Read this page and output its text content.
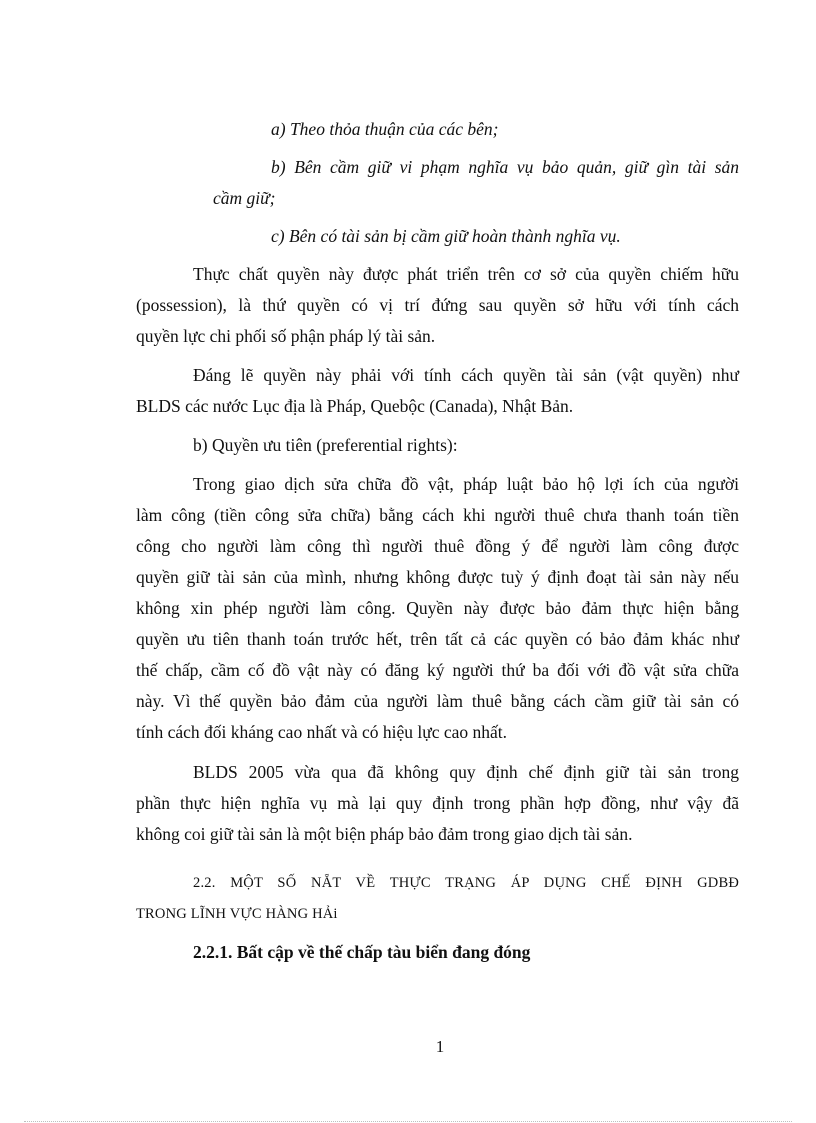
a) Theo thỏa thuận của các bên;

b) Bên cầm giữ vi phạm nghĩa vụ bảo quản, giữ gìn tài sản

cầm giữ;

c) Bên có tài sản bị cầm giữ hoàn thành nghĩa vụ.

Thực chất quyền này được phát triển trên cơ sở của quyền chiếm hữu

(possession), là thứ quyền có vị trí đứng sau quyền sở hữu với tính cách

quyền lực chi phối số phận pháp lý tài sản.

Đáng lẽ quyền này phải với tính cách quyền tài sản (vật quyền) như

BLDS các nước Lục địa là Pháp, Quebộc (Canada), Nhật Bản.

b) Quyền ưu tiên (preferential rights):

Trong giao dịch sửa chữa đồ vật, pháp luật bảo hộ lợi ích của người

làm công (tiền công sửa chữa) bằng cách khi người thuê chưa thanh toán tiền

công cho người làm công thì người thuê đồng ý để người làm công được

quyền giữ tài sản của mình, nhưng không được tuỳ ý định đoạt tài sản này nếu

không xin phép người làm công. Quyền này được bảo đảm thực hiện bằng

quyền ưu tiên thanh toán trước hết, trên tất cả các quyền có bảo đảm khác như

thế chấp, cầm cố đồ vật này có đăng ký người thứ ba đối với đồ vật sửa chữa

này. Vì thế quyền bảo đảm của người làm thuê bằng cách cầm giữ tài sản có

tính cách đối kháng cao nhất và có hiệu lực cao nhất.

BLDS 2005 vừa qua đã không quy định chế định giữ tài sản trong

phần thực hiện nghĩa vụ mà lại quy định trong phần hợp đồng, như vậy đã

không coi giữ tài sản là một biện pháp bảo đảm trong giao dịch tài sản.

2.2. MỘT SỐ NẴT VỀ THỰC TRẠNG ÁP DỤNG CHẾ ĐỊNH GDBĐ

TRONG LĨNH VỰC HÀNG HẢi

2.2.1. Bất cập về thế chấp tàu biển đang đóng

1
